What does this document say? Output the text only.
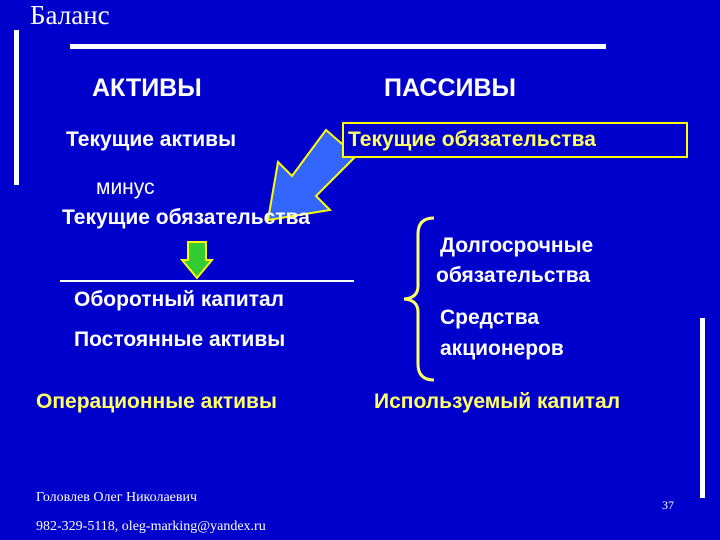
Баланс
АКТИВЫ	ПАССИВЫ
Текущие активы
минус
Текущие обязательства
Текущие обязательства
Оборотный капитал
Постоянные активы
Операционные активы
Долгосрочные
обязательства
Средства
акционеров
Используемый капитал
Головлев Олег Николаевич
982-329-5118, oleg-marking@yandex.ru
37
